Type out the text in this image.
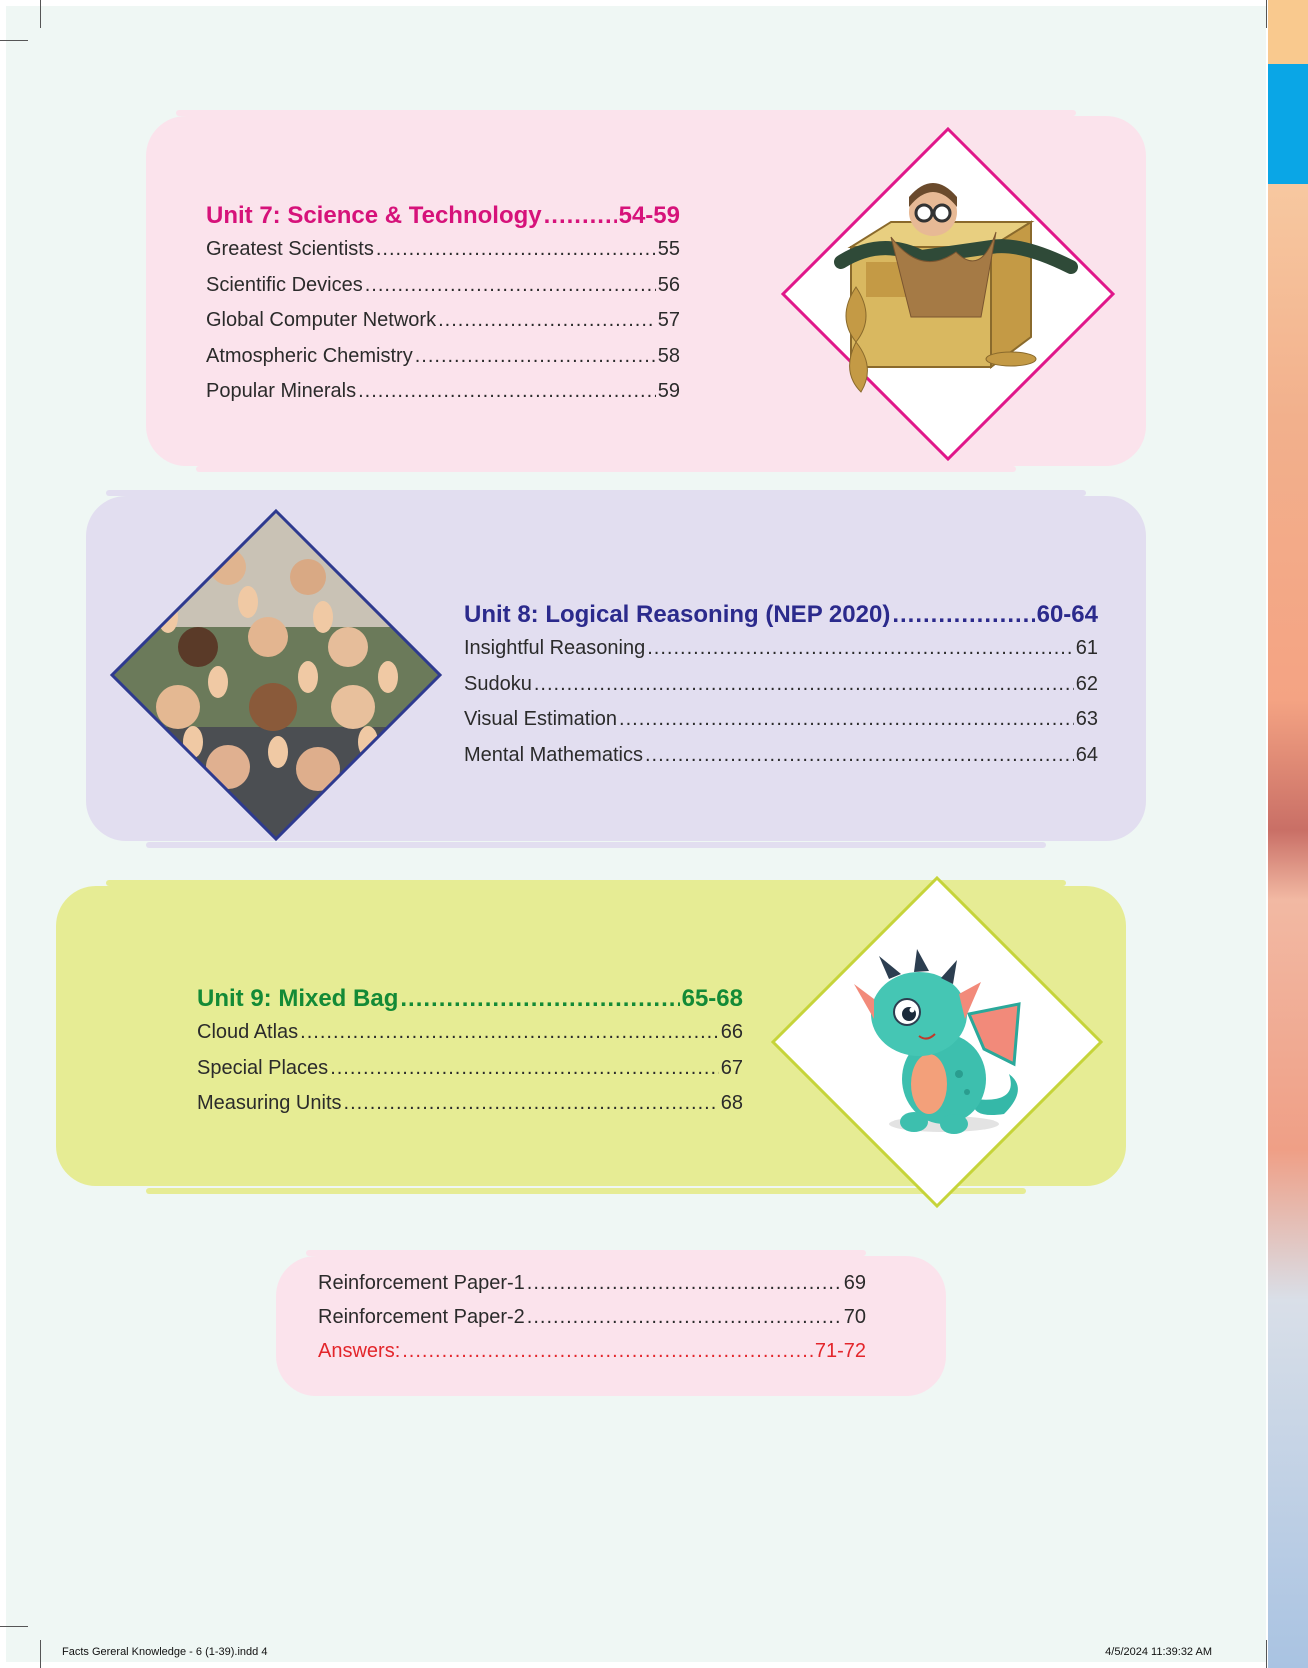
Unit 7: Science & Technology .....	54-59
Greatest Scientists .....	55
Scientific Devices .....	56
Global Computer Network .....	57
Atmospheric Chemistry .....	58
Popular Minerals .....	59
Unit 8: Logical Reasoning (NEP 2020) .....	60-64
Insightful Reasoning .....	61
Sudoku .....	62
Visual Estimation .....	63
Mental Mathematics .....	64
Unit 9: Mixed Bag .....	65-68
Cloud Atlas .....	66
Special Places .....	67
Measuring Units .....	68
Reinforcement Paper-1 .....	69
Reinforcement Paper-2 .....	70
Answers: .....	71-72
Facts Gereral Knowledge - 6 (1-39).indd 4	4/5/2024 11:39:32 AM
